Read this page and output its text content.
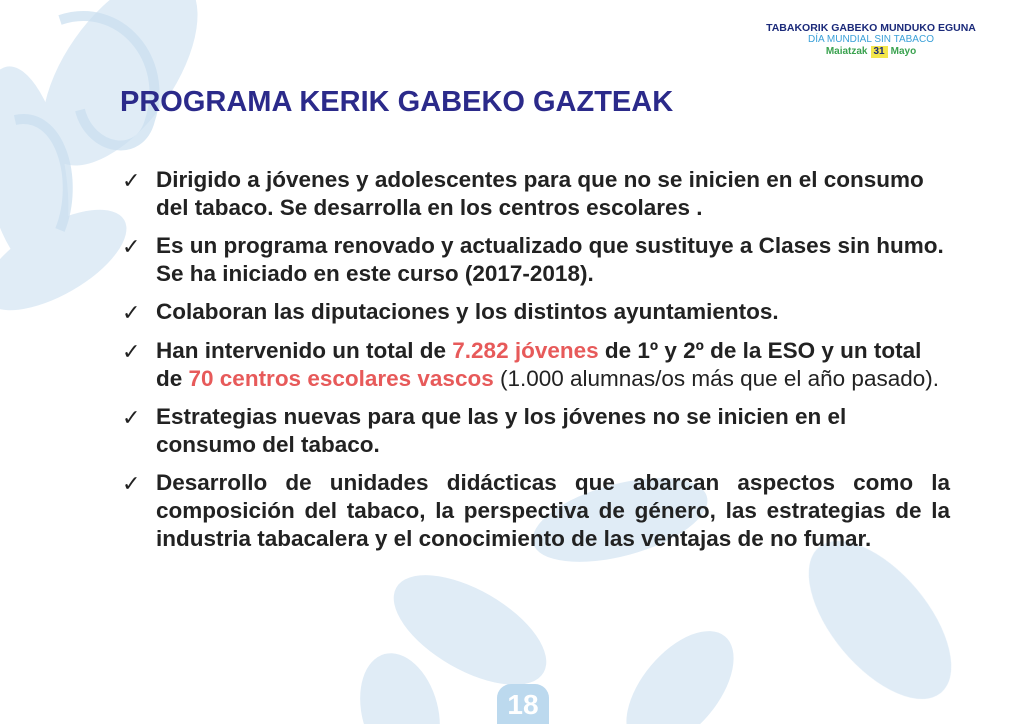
TABAKORIK GABEKO MUNDUKO EGUNA
DÍA MUNDIAL SIN TABACO
Maiatzak 31 Mayo
PROGRAMA KERIK GABEKO GAZTEAK
✓ Dirigido a jóvenes y adolescentes para que no se inicien en el consumo del tabaco. Se desarrolla en los centros escolares .
✓ Es un programa renovado y actualizado que sustituye a Clases sin humo. Se ha iniciado en este curso (2017-2018).
✓ Colaboran las diputaciones y los distintos ayuntamientos.
✓ Han intervenido un total de 7.282 jóvenes de 1º y 2º de la ESO y un total de 70 centros escolares vascos (1.000 alumnas/os más que el año pasado).
✓ Estrategias nuevas para que las y los jóvenes no se inicien en el consumo del tabaco.
✓ Desarrollo de unidades didácticas que abarcan aspectos como la composición del tabaco, la perspectiva de género, las estrategias de la industria tabacalera y el conocimiento de las ventajas de no fumar.
18
